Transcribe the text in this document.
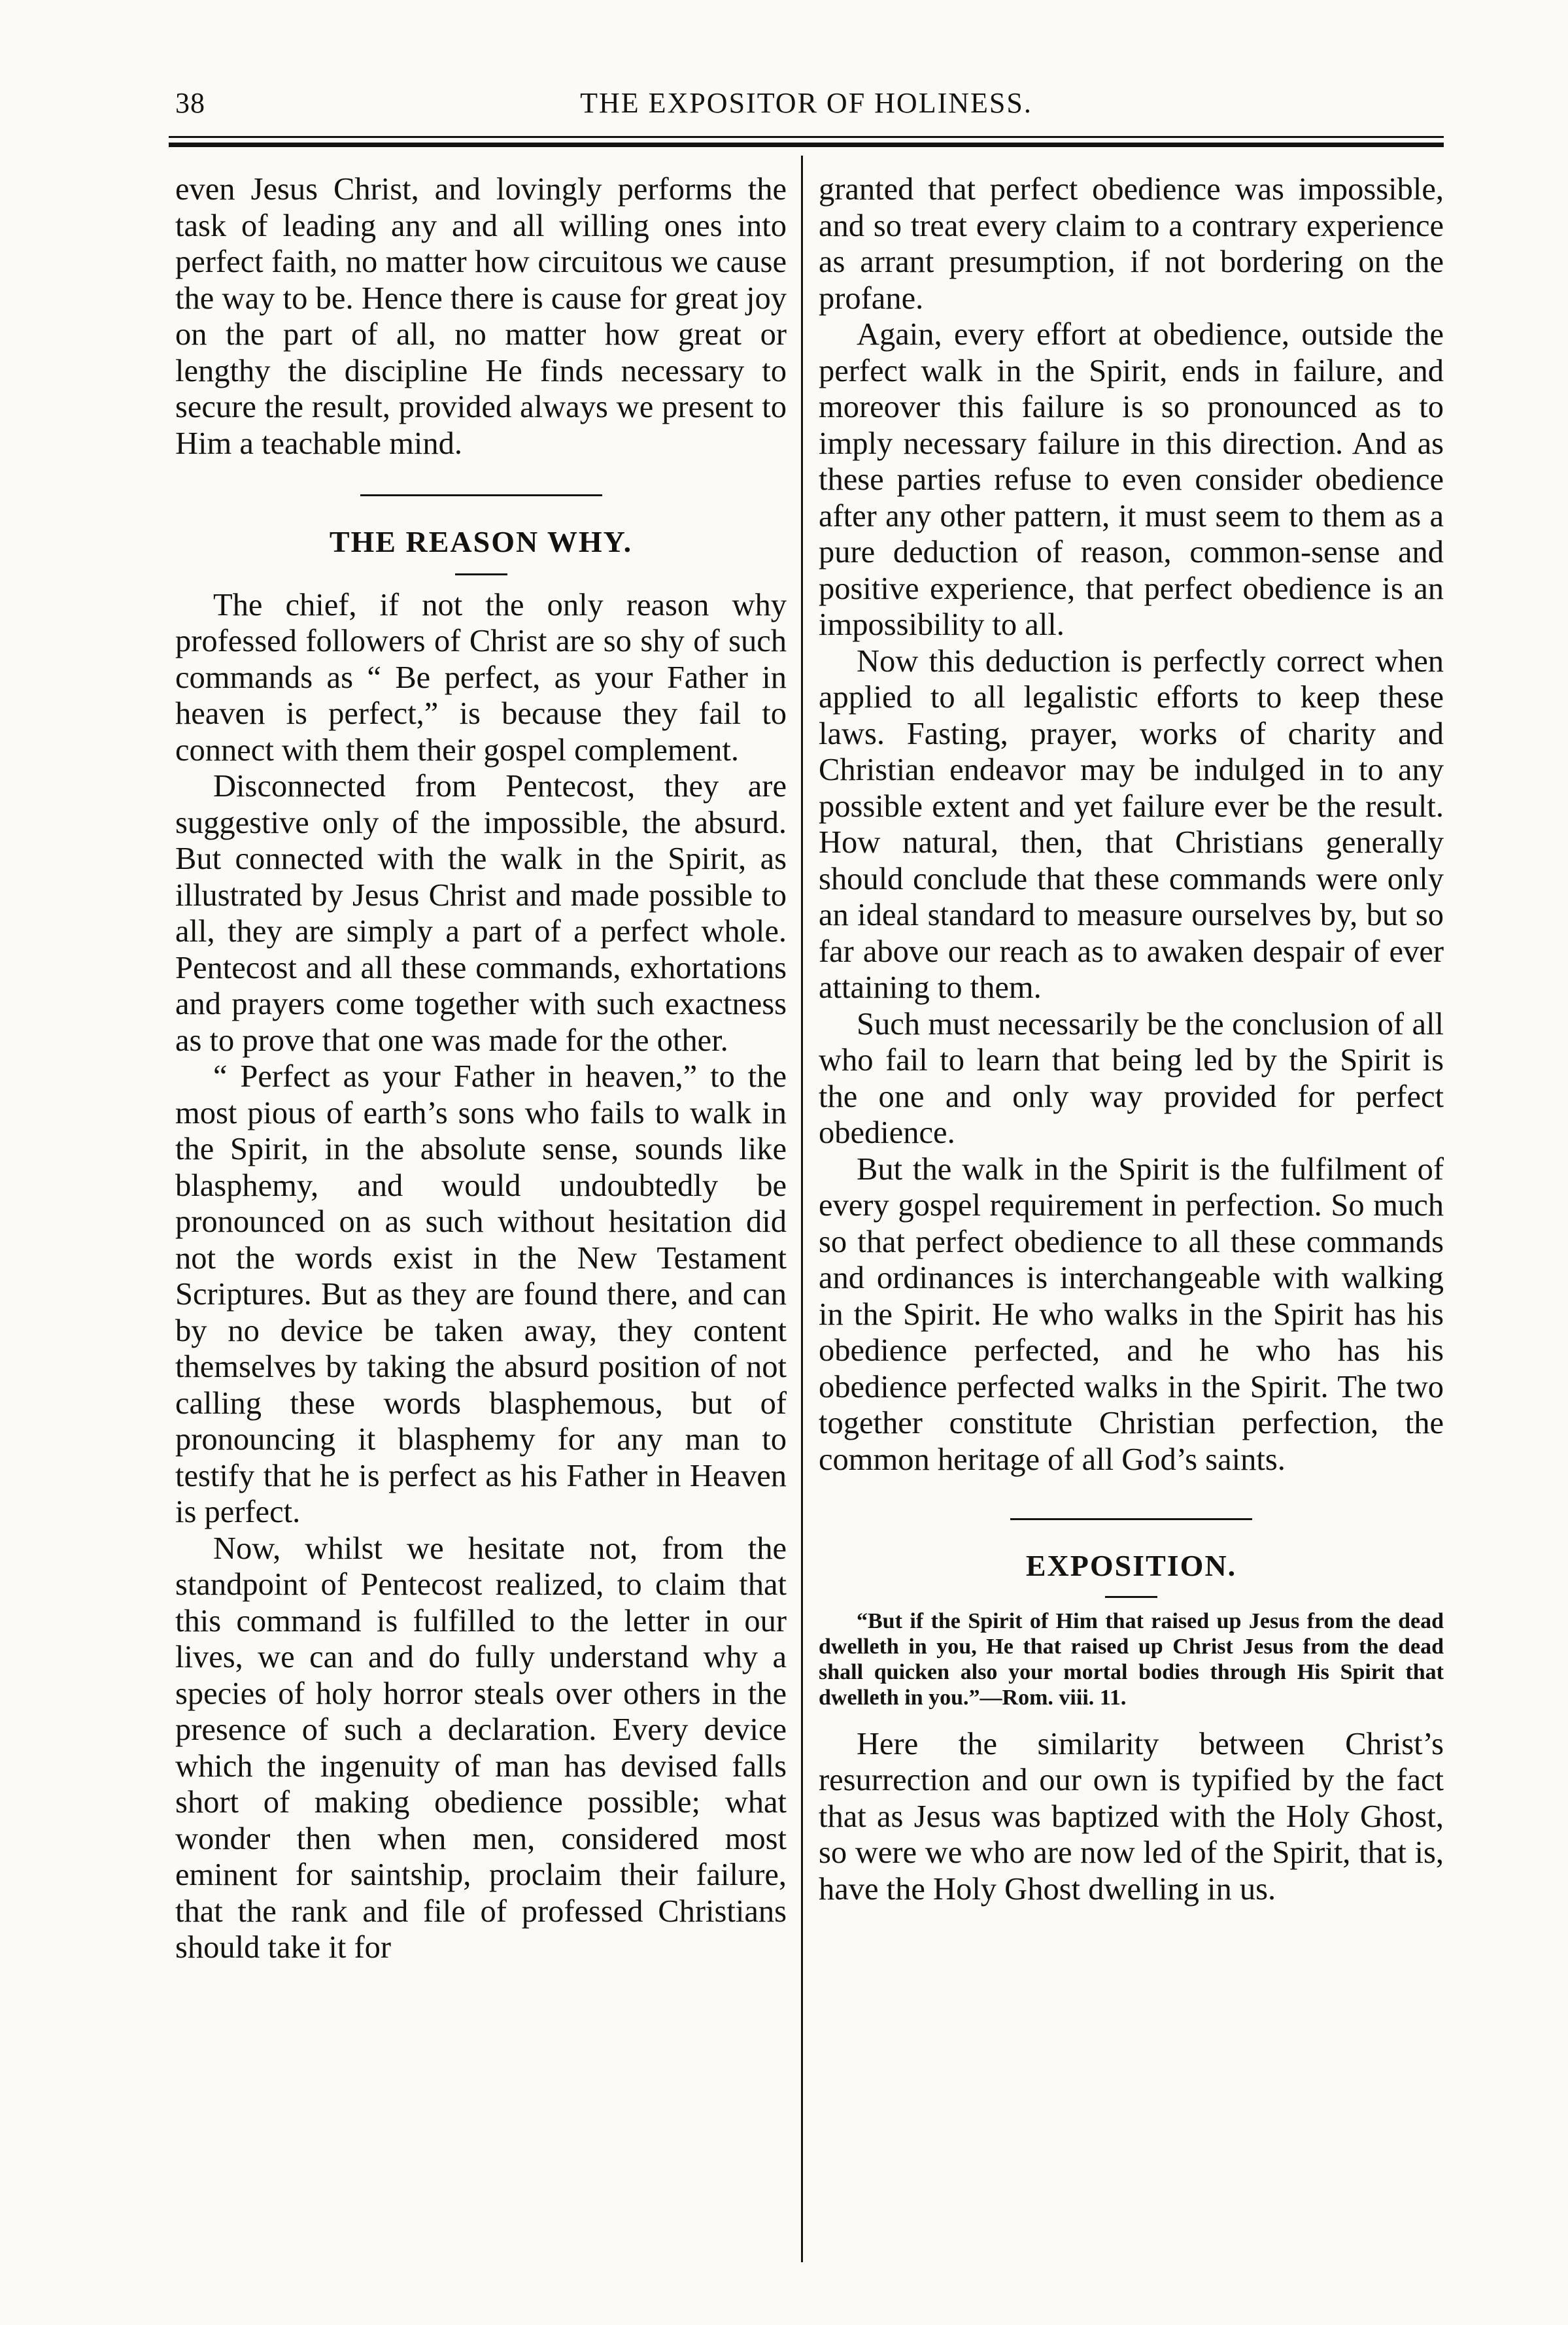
38	THE EXPOSITOR OF HOLINESS.

even Jesus Christ, and lovingly performs the task of leading any and all willing ones into perfect faith, no matter how circuitous we cause the way to be. Hence there is cause for great joy on the part of all, no matter how great or lengthy the discipline He finds necessary to secure the result, provided always we present to Him a teachable mind.

THE REASON WHY.

The chief, if not the only reason why professed followers of Christ are so shy of such commands as “ Be perfect, as your Father in heaven is perfect,” is because they fail to connect with them their gospel complement.

Disconnected from Pentecost, they are suggestive only of the impossible, the absurd. But connected with the walk in the Spirit, as illustrated by Jesus Christ and made possible to all, they are simply a part of a perfect whole. Pentecost and all these commands, exhortations and prayers come together with such exactness as to prove that one was made for the other.

“ Perfect as your Father in heaven,” to the most pious of earth’s sons who fails to walk in the Spirit, in the absolute sense, sounds like blasphemy, and would undoubtedly be pronounced on as such without hesitation did not the words exist in the New Testament Scriptures. But as they are found there, and can by no device be taken away, they content themselves by taking the absurd position of not calling these words blasphemous, but of pronouncing it blasphemy for any man to testify that he is perfect as his Father in Heaven is perfect.

Now, whilst we hesitate not, from the standpoint of Pentecost realized, to claim that this command is fulfilled to the letter in our lives, we can and do fully understand why a species of holy horror steals over others in the presence of such a declaration. Every device which the ingenuity of man has devised falls short of making obedience possible; what wonder then when men, considered most eminent for saintship, proclaim their failure, that the rank and file of professed Christians should take it for

granted that perfect obedience was impossible, and so treat every claim to a contrary experience as arrant presumption, if not bordering on the profane.

Again, every effort at obedience, outside the perfect walk in the Spirit, ends in failure, and moreover this failure is so pronounced as to imply necessary failure in this direction. And as these parties refuse to even consider obedience after any other pattern, it must seem to them as a pure deduction of reason, common-sense and positive experience, that perfect obedience is an impossibility to all.

Now this deduction is perfectly correct when applied to all legalistic efforts to keep these laws. Fasting, prayer, works of charity and Christian endeavor may be indulged in to any possible extent and yet failure ever be the result. How natural, then, that Christians generally should conclude that these commands were only an ideal standard to measure ourselves by, but so far above our reach as to awaken despair of ever attaining to them.

Such must necessarily be the conclusion of all who fail to learn that being led by the Spirit is the one and only way provided for perfect obedience.

But the walk in the Spirit is the fulfilment of every gospel requirement in perfection. So much so that perfect obedience to all these commands and ordinances is interchangeable with walking in the Spirit. He who walks in the Spirit has his obedience perfected, and he who has his obedience perfected walks in the Spirit. The two together constitute Christian perfection, the common heritage of all God’s saints.

EXPOSITION.

“But if the Spirit of Him that raised up Jesus from the dead dwelleth in you, He that raised up Christ Jesus from the dead shall quicken also your mortal bodies through His Spirit that dwelleth in you.”—Rom. viii. 11.

Here the similarity between Christ’s resurrection and our own is typified by the fact that as Jesus was baptized with the Holy Ghost, so were we who are now led of the Spirit, that is, have the Holy Ghost dwelling in us.
